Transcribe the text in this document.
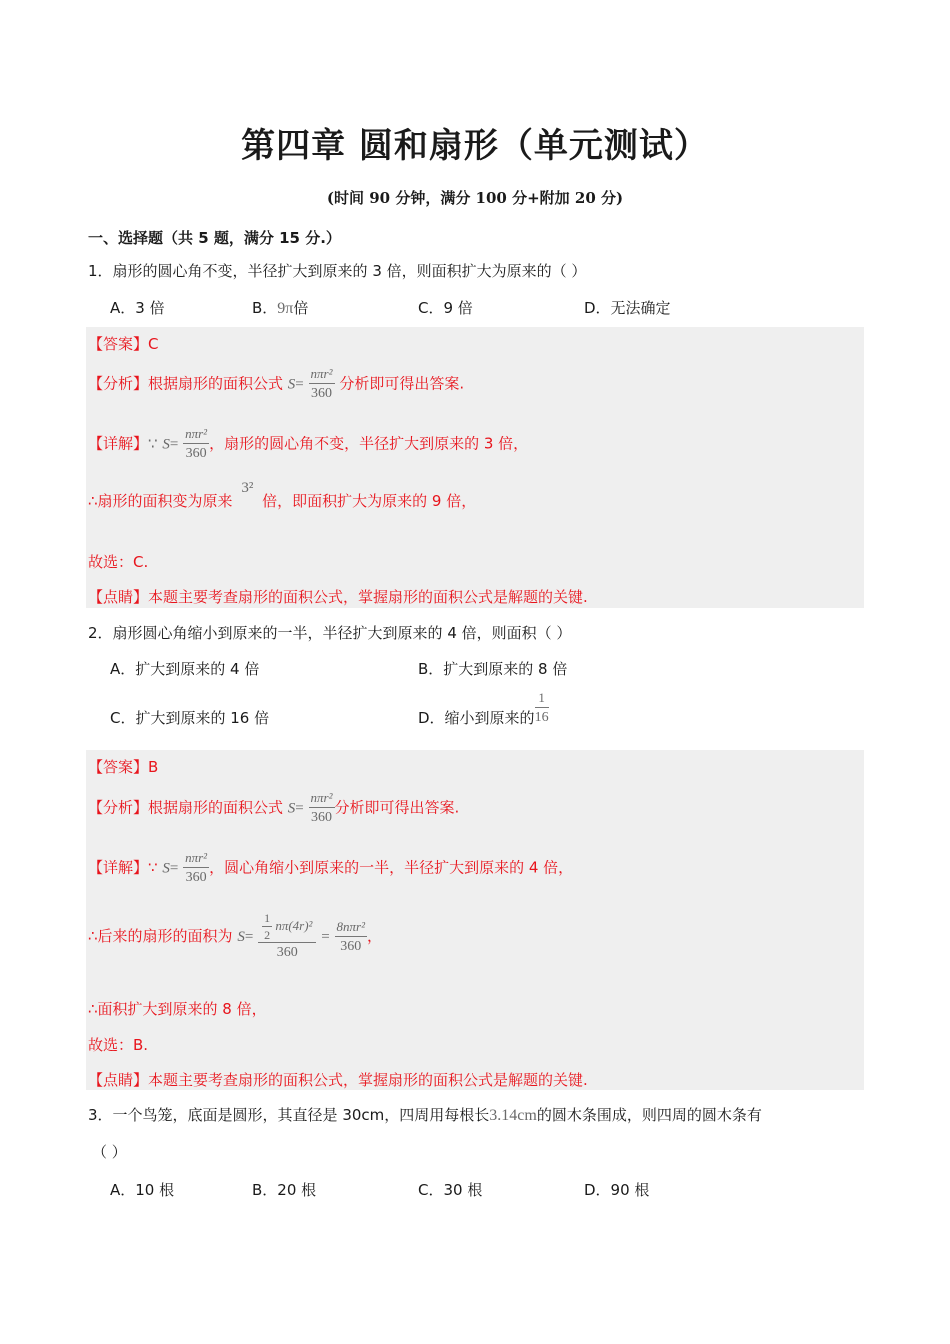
第四章 圆和扇形（单元测试）
(时间 90 分钟，满分 100 分+附加 20 分)
一、选择题（共 5 题，满分 15 分.）
1．扇形的圆心角不变，半径扩大到原来的 3 倍，则面积扩大为原来的（ ）
A．3 倍	B．9π倍	C．9 倍	D．无法确定
【答案】C
【分析】根据扇形的面积公式 $S= \frac{\text{nπr²}}{360}$ 分析即可得出答案.
【详解】∵ $S= \frac{\text{nπr²}}{360}$ ，扇形的圆心角不变，半径扩大到原来的 3 倍，
∴扇形的面积变为原来 3² 倍，即面积扩大为原来的 9 倍，
故选：C.
【点睛】本题主要考查扇形的面积公式，掌握扇形的面积公式是解题的关键.
2．扇形圆心角缩小到原来的一半，半径扩大到原来的 4 倍，则面积（ ）
A．扩大到原来的 4 倍	B．扩大到原来的 8 倍
C．扩大到原来的 16 倍	D．缩小到原来的 $\frac{1}{16}$
【答案】B
【分析】根据扇形的面积公式 $S= \frac{\text{nπr²}}{360}$ 分析即可得出答案.
【详解】∵ $S= \frac{\text{nπr²}}{360}$ ，圆心角缩小到原来的一半，半径扩大到原来的 4 倍，
∴后来的扇形的面积为 $S= \frac{\frac{1}{2} n\pi(4r)^2}{360} = \frac{\text{8nπr²}}{360}$ ，
∴面积扩大到原来的 8 倍，
故选：B.
【点睛】本题主要考查扇形的面积公式，掌握扇形的面积公式是解题的关键.
3．一个鸟笼，底面是圆形，其直径是 30cm，四周用每根长3.14cm的圆木条围成，则四周的圆木条有
（ ）
A．10 根	B．20 根	C．30 根	D．90 根
